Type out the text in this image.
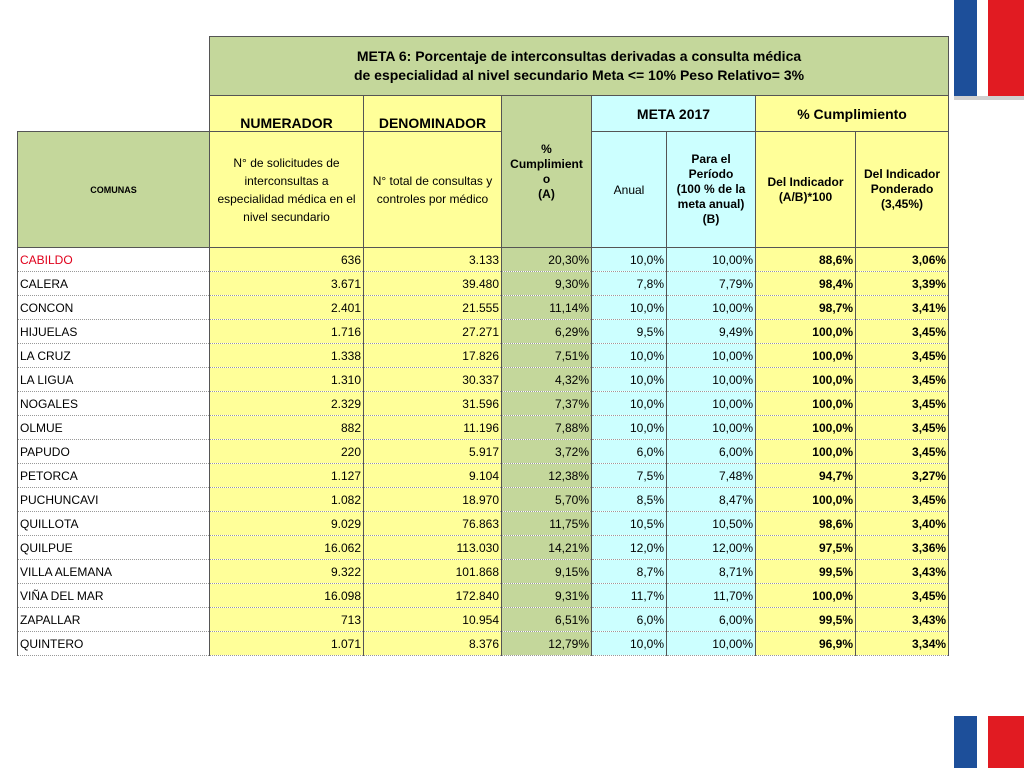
	META 6: Porcentaje de interconsultas derivadas a consulta médica
de especialidad al nivel secundario Meta <= 10% Peso Relativo= 3%						

	NUMERADOR	DENOMINADOR	%
Cumplimient
o
(A)	META 2017		% Cumplimiento	
COMUNAS	N° de solicitudes de interconsultas a especialidad médica en el nivel secundario	N° total de consultas y controles por médico		Anual	Para el
Período
(100 % de la
meta anual)
(B)	Del Indicador
(A/B)*100	Del Indicador
Ponderado
(3,45%)
CABILDO	636	3.133	20,30%	10,0%	10,00%	88,6%	3,06%
CALERA	3.671	39.480	9,30%	7,8%	7,79%	98,4%	3,39%
CONCON	2.401	21.555	11,14%	10,0%	10,00%	98,7%	3,41%
HIJUELAS	1.716	27.271	6,29%	9,5%	9,49%	100,0%	3,45%
LA CRUZ	1.338	17.826	7,51%	10,0%	10,00%	100,0%	3,45%
LA LIGUA	1.310	30.337	4,32%	10,0%	10,00%	100,0%	3,45%
NOGALES	2.329	31.596	7,37%	10,0%	10,00%	100,0%	3,45%
OLMUE	882	11.196	7,88%	10,0%	10,00%	100,0%	3,45%
PAPUDO	220	5.917	3,72%	6,0%	6,00%	100,0%	3,45%
PETORCA	1.127	9.104	12,38%	7,5%	7,48%	94,7%	3,27%
PUCHUNCAVI	1.082	18.970	5,70%	8,5%	8,47%	100,0%	3,45%
QUILLOTA	9.029	76.863	11,75%	10,5%	10,50%	98,6%	3,40%
QUILPUE	16.062	113.030	14,21%	12,0%	12,00%	97,5%	3,36%
VILLA ALEMANA	9.322	101.868	9,15%	8,7%	8,71%	99,5%	3,43%
VIÑA DEL MAR	16.098	172.840	9,31%	11,7%	11,70%	100,0%	3,45%
ZAPALLAR	713	10.954	6,51%	6,0%	6,00%	99,5%	3,43%
QUINTERO	1.071	8.376	12,79%	10,0%	10,00%	96,9%	3,34%
